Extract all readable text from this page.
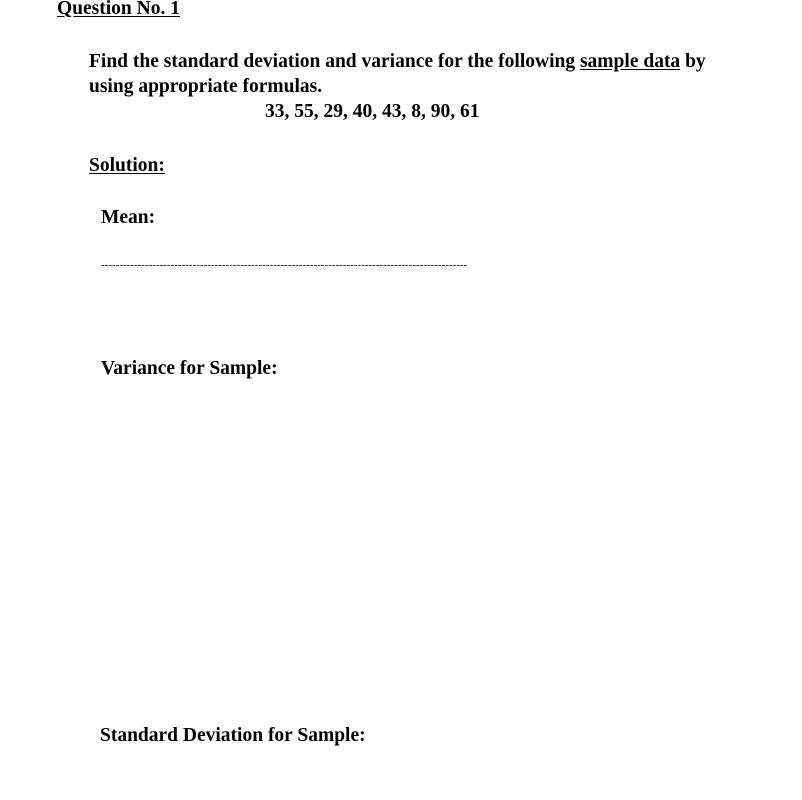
Question No. 1
Find the standard deviation and variance for the following sample data by
using appropriate formulas.
33, 55, 29, 40, 43, 8, 90, 61
Solution:
Mean:
----------------------------------------------------------------------------------------------------
Variance for Sample:
Standard Deviation for Sample:
